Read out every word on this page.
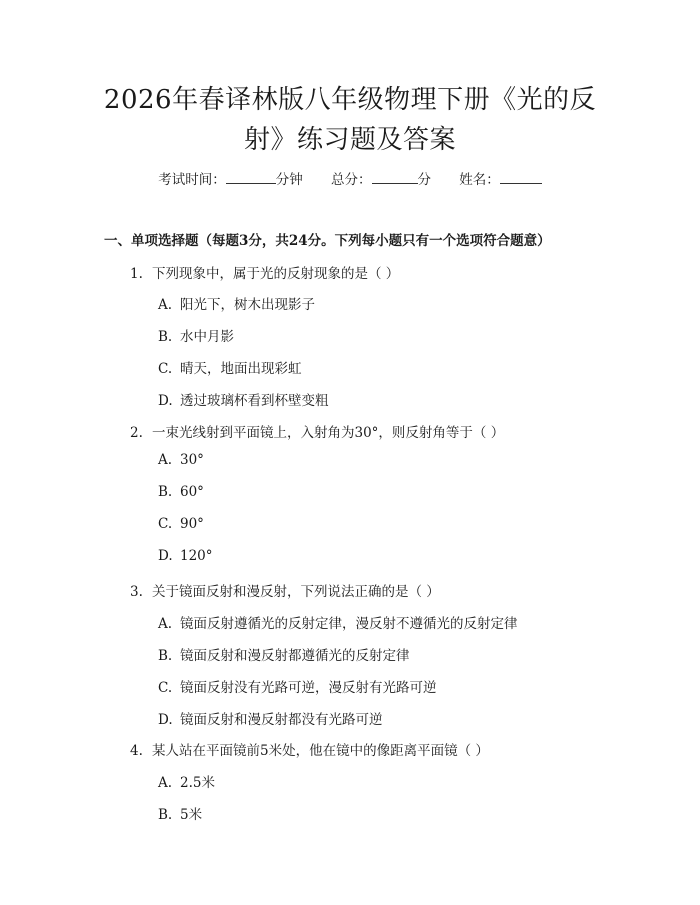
2026年春译林版八年级物理下册《光的反
射》练习题及答案
考试时间：	分钟 总分：	分 姓名：
一、单项选择题（每题3分，共24分。下列每小题只有一个选项符合题意）
1. 下列现象中，属于光的反射现象的是（ ）
A. 阳光下，树木出现影子
B. 水中月影
C. 晴天，地面出现彩虹
D. 透过玻璃杯看到杯壁变粗
2. 一束光线射到平面镜上，入射角为30°，则反射角等于（ ）
A. 30°
B. 60°
C. 90°
D. 120°
3. 关于镜面反射和漫反射，下列说法正确的是（ ）
A. 镜面反射遵循光的反射定律，漫反射不遵循光的反射定律
B. 镜面反射和漫反射都遵循光的反射定律
C. 镜面反射没有光路可逆，漫反射有光路可逆
D. 镜面反射和漫反射都没有光路可逆
4. 某人站在平面镜前5米处，他在镜中的像距离平面镜（ ）
A. 2.5米
B. 5米
